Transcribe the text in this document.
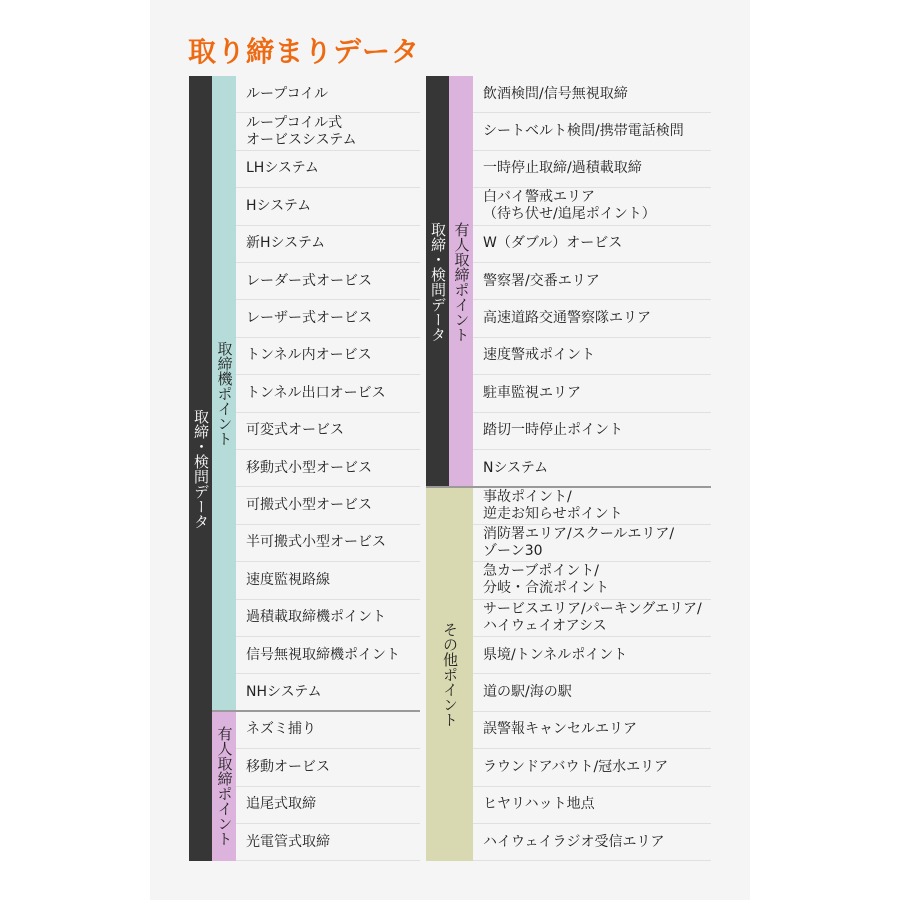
取り締まりデータ
取締・検問データ
取締機ポイント
有人取締ポイント
ループコイル
ループコイル式
オービスシステム
LHシステム
Hシステム
新Hシステム
レーダー式オービス
レーザー式オービス
トンネル内オービス
トンネル出口オービス
可変式オービス
移動式小型オービス
可搬式小型オービス
半可搬式小型オービス
速度監視路線
過積載取締機ポイント
信号無視取締機ポイント
NHシステム
ネズミ捕り
移動オービス
追尾式取締
光電管式取締
取締・検問データ 有人取締ポイント
その他ポイント
飲酒検問/信号無視取締
シートベルト検問/携帯電話検問
一時停止取締/過積載取締
白バイ警戒エリア
（待ち伏せ/追尾ポイント）
W（ダブル）オービス
警察署/交番エリア
高速道路交通警察隊エリア
速度警戒ポイント
駐車監視エリア
踏切一時停止ポイント
Nシステム
事故ポイント/
逆走お知らせポイント
消防署エリア/スクールエリア/
ゾーン30
急カーブポイント/
分岐・合流ポイント
サービスエリア/パーキングエリア/
ハイウェイオアシス
県境/トンネルポイント
道の駅/海の駅
誤警報キャンセルエリア
ラウンドアバウト/冠水エリア
ヒヤリハット地点
ハイウェイラジオ受信エリア
